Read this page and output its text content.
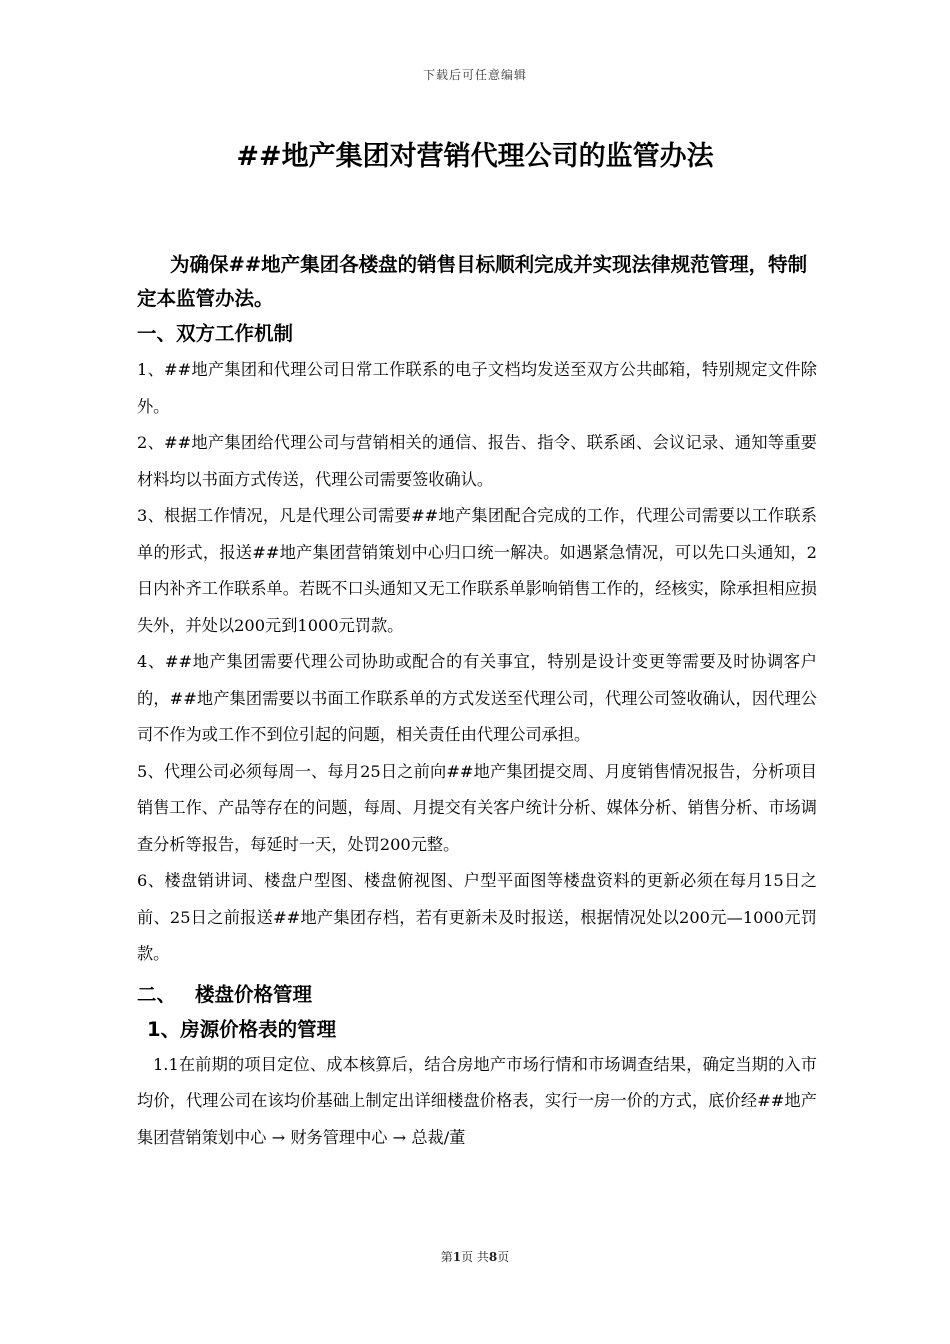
下载后可任意编辑
##地产集团对营销代理公司的监管办法

为确保##地产集团各楼盘的销售目标顺利完成并实现法律规范管理，特制定本监管办法。

一、双方工作机制

1、##地产集团和代理公司日常工作联系的电子文档均发送至双方公共邮箱，特别规定文件除外。

2、##地产集团给代理公司与营销相关的通信、报告、指令、联系函、会议记录、通知等重要材料均以书面方式传送，代理公司需要签收确认。

3、根据工作情况，凡是代理公司需要##地产集团配合完成的工作，代理公司需要以工作联系单的形式，报送##地产集团营销策划中心归口统一解决。如遇紧急情况，可以先口头通知，2日内补齐工作联系单。若既不口头通知又无工作联系单影响销售工作的，经核实，除承担相应损失外，并处以200元到1000元罚款。

4、##地产集团需要代理公司协助或配合的有关事宜，特别是设计变更等需要及时协调客户的，##地产集团需要以书面工作联系单的方式发送至代理公司，代理公司签收确认，因代理公司不作为或工作不到位引起的问题，相关责任由代理公司承担。

5、代理公司必须每周一、每月25日之前向##地产集团提交周、月度销售情况报告，分析项目销售工作、产品等存在的问题，每周、月提交有关客户统计分析、媒体分析、销售分析、市场调查分析等报告，每延时一天，处罚200元整。

6、楼盘销讲词、楼盘户型图、楼盘俯视图、户型平面图等楼盘资料的更新必须在每月15日之前、25日之前报送##地产集团存档，若有更新未及时报送，根据情况处以200元—1000元罚款。

二、 楼盘价格管理

1、房源价格表的管理

1.1在前期的项目定位、成本核算后，结合房地产市场行情和市场调查结果，确定当期的入市均价，代理公司在该均价基础上制定出详细楼盘价格表，实行一房一价的方式，底价经##地产集团营销策划中心 → 财务管理中心 → 总裁/董

第1页 共8页
